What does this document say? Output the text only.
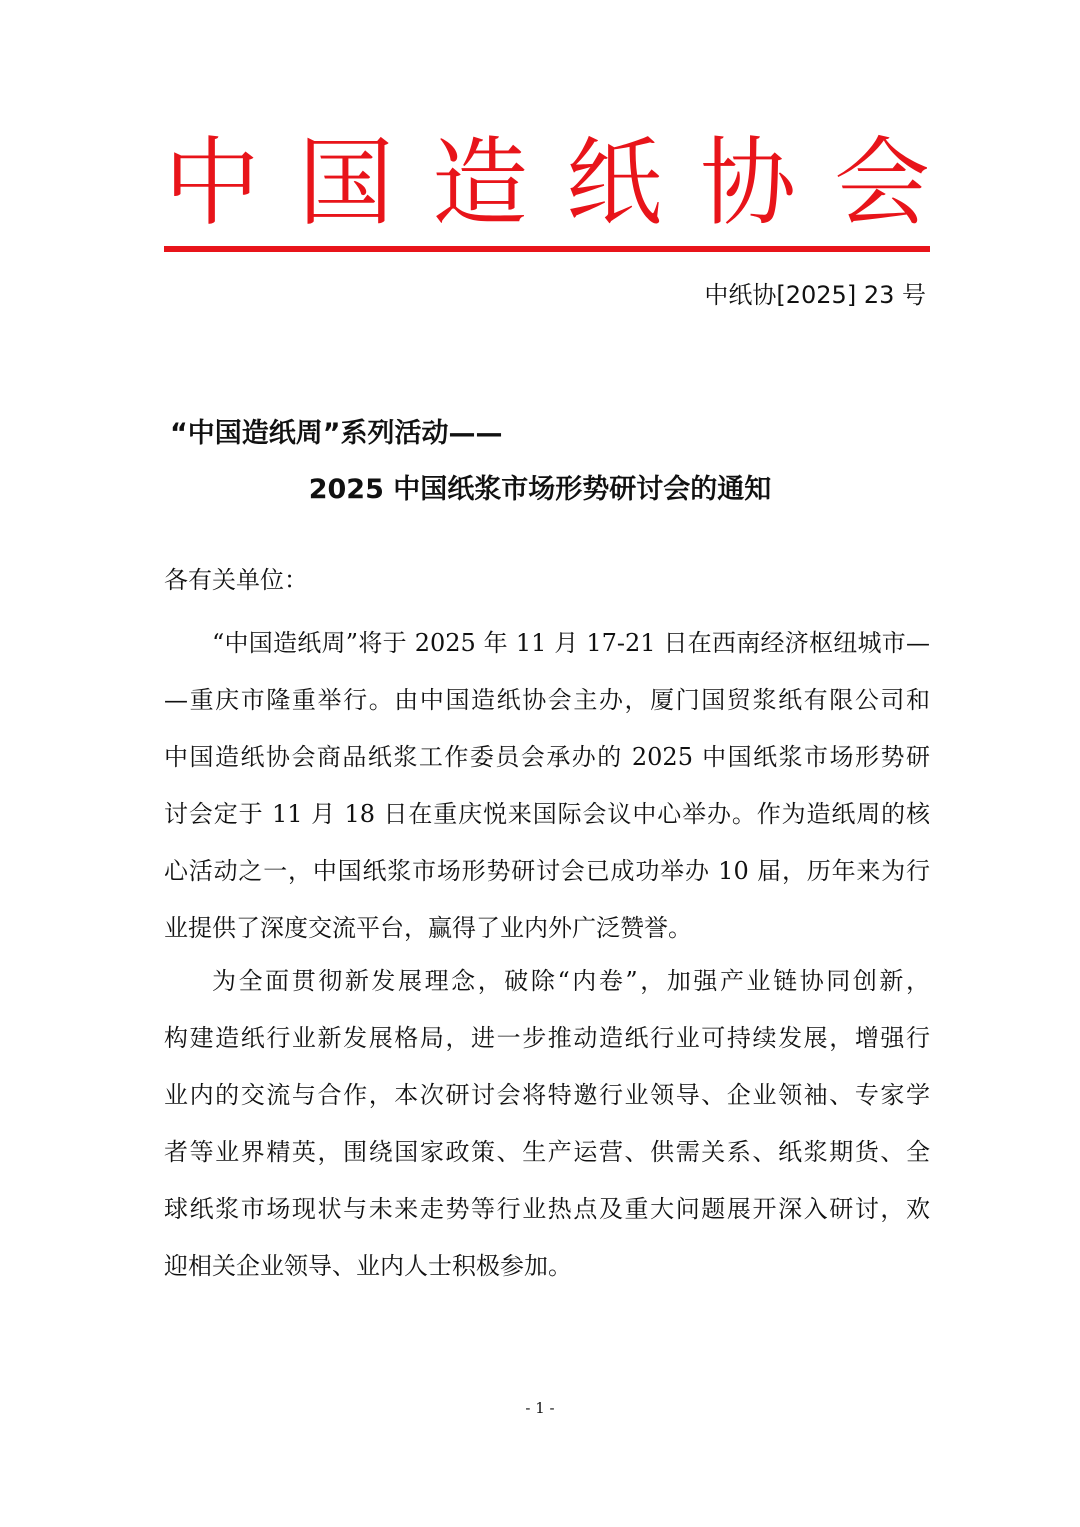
中 国 造 纸 协 会
中纸协[2025] 23 号
“中国造纸周”系列活动——
2025 中国纸浆市场形势研讨会的通知
各有关单位：
“中国造纸周”将于 2025 年 11 月 17-21 日在西南经济枢纽城市—
—重庆市隆重举行。由中国造纸协会主办，厦门国贸浆纸有限公司和
中国造纸协会商品纸浆工作委员会承办的 2025 中国纸浆市场形势研
讨会定于 11 月 18 日在重庆悦来国际会议中心举办。作为造纸周的核
心活动之一，中国纸浆市场形势研讨会已成功举办 10 届，历年来为行
业提供了深度交流平台，赢得了业内外广泛赞誉。
为全面贯彻新发展理念，破除“内卷”，加强产业链协同创新，
构建造纸行业新发展格局，进一步推动造纸行业可持续发展，增强行
业内的交流与合作，本次研讨会将特邀行业领导、企业领袖、专家学
者等业界精英，围绕国家政策、生产运营、供需关系、纸浆期货、全
球纸浆市场现状与未来走势等行业热点及重大问题展开深入研讨，欢
迎相关企业领导、业内人士积极参加。
- 1 -
